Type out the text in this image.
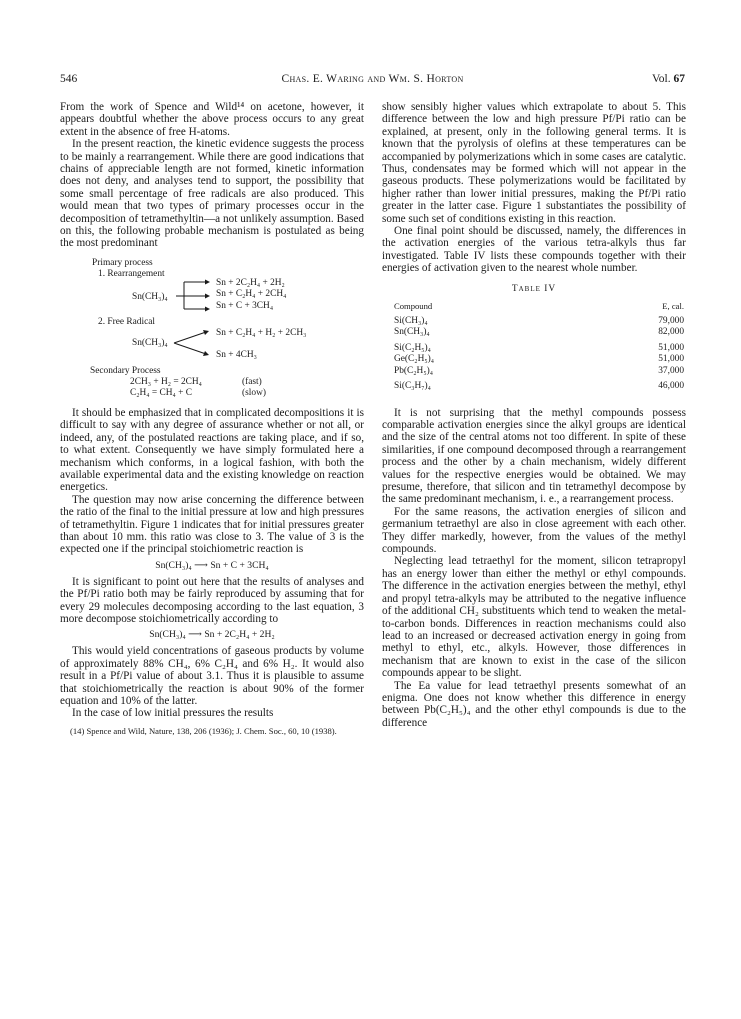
546	Chas. E. Waring and Wm. S. Horton	Vol. 67

From the work of Spence and Wild¹⁴ on acetone, however, it appears doubtful whether the above process occurs to any great extent in the absence of free H-atoms.

In the present reaction, the kinetic evidence suggests the process to be mainly a rearrangement. While there are good indications that chains of appreciable length are not formed, kinetic information does not deny, and analyses tend to support, the possibility that some small percentage of free radicals are also produced. This would mean that two types of primary processes occur in the decomposition of tetramethyltin—a not unlikely assumption. Based on this, the following probable mechanism is postulated as being the most predominant

Primary process
1. Rearrangement
Sn(CH₃)₄
Sn + 2C₂H₄ + 2H₂
Sn + C₂H₄ + 2CH₄
Sn + C + 3CH₄
2. Free Radical
Sn(CH₃)₄
Sn + C₂H₄ + H₂ + 2CH₃
Sn + 4CH₃
Secondary Process
2CH₃ + H₂ = 2CH₄	(fast)
C₂H₄ = CH₄ + C	(slow)

It should be emphasized that in complicated decompositions it is difficult to say with any degree of assurance whether or not all, or indeed, any, of the postulated reactions are taking place, and if so, to what extent. Consequently we have simply formulated here a mechanism which conforms, in a logical fashion, with both the available experimental data and the existing knowledge on reaction energetics.

The question may now arise concerning the difference between the ratio of the final to the initial pressure at low and high pressures of tetramethyltin. Figure 1 indicates that for initial pressures greater than about 10 mm. this ratio was close to 3. The value of 3 is the expected one if the principal stoichiometric reaction is

Sn(CH₃)₄ ⟶ Sn + C + 3CH₄

It is significant to point out here that the results of analyses and the Pf/Pi ratio both may be fairly reproduced by assuming that for every 29 molecules decomposing according to the last equation, 3 more decompose stoichiometrically according to

Sn(CH₃)₄ ⟶ Sn + 2C₂H₄ + 2H₂

This would yield concentrations of gaseous products by volume of approximately 88% CH₄, 6% C₂H₄ and 6% H₂. It would also result in a Pf/Pi value of about 3.1. Thus it is plausible to assume that stoichiometrically the reaction is about 90% of the former equation and 10% of the latter.

In the case of low initial pressures the results

(14) Spence and Wild, Nature, 138, 206 (1936); J. Chem. Soc., 60, 10 (1938).

show sensibly higher values which extrapolate to about 5. This difference between the low and high pressure Pf/Pi ratio can be explained, at present, only in the following general terms. It is known that the pyrolysis of olefins at these temperatures can be accompanied by polymerizations which in some cases are catalytic. Thus, condensates may be formed which will not appear in the gaseous products. These polymerizations would be facilitated by higher rather than lower initial pressures, making the Pf/Pi ratio greater in the latter case. Figure 1 substantiates the possibility of some such set of conditions existing in this reaction.

One final point should be discussed, namely, the differences in the activation energies of the various tetra-alkyls thus far investigated. Table IV lists these compounds together with their energies of activation given to the nearest whole number.

Table IV
Compound	E, cal.
Si(CH₃)₄	79,000
Sn(CH₃)₄	82,000
Si(C₂H₅)₄	51,000
Ge(C₂H₅)₄	51,000
Pb(C₂H₅)₄	37,000
Si(C₃H₇)₄	46,000

It is not surprising that the methyl compounds possess comparable activation energies since the alkyl groups are identical and the size of the central atoms not too different. In spite of these similarities, if one compound decomposed through a rearrangement process and the other by a chain mechanism, widely different values for the respective energies would be obtained. We may presume, therefore, that silicon and tin tetramethyl decompose by the same predominant mechanism, i. e., a rearrangement process.

For the same reasons, the activation energies of silicon and germanium tetraethyl are also in close agreement with each other. They differ markedly, however, from the values of the methyl compounds.

Neglecting lead tetraethyl for the moment, silicon tetrapropyl has an energy lower than either the methyl or ethyl compounds. The difference in the activation energies between the methyl, ethyl and propyl tetra-alkyls may be attributed to the negative influence of the additional CH₂ substituents which tend to weaken the metal-to-carbon bonds. Differences in reaction mechanisms could also lead to an increased or decreased activation energy in going from methyl to ethyl, etc., alkyls. However, those differences in mechanism that are known to exist in the case of the silicon compounds appear to be slight.

The Ea value for lead tetraethyl presents somewhat of an enigma. One does not know whether this difference in energy between Pb(C₂H₅)₄ and the other ethyl compounds is due to the difference
